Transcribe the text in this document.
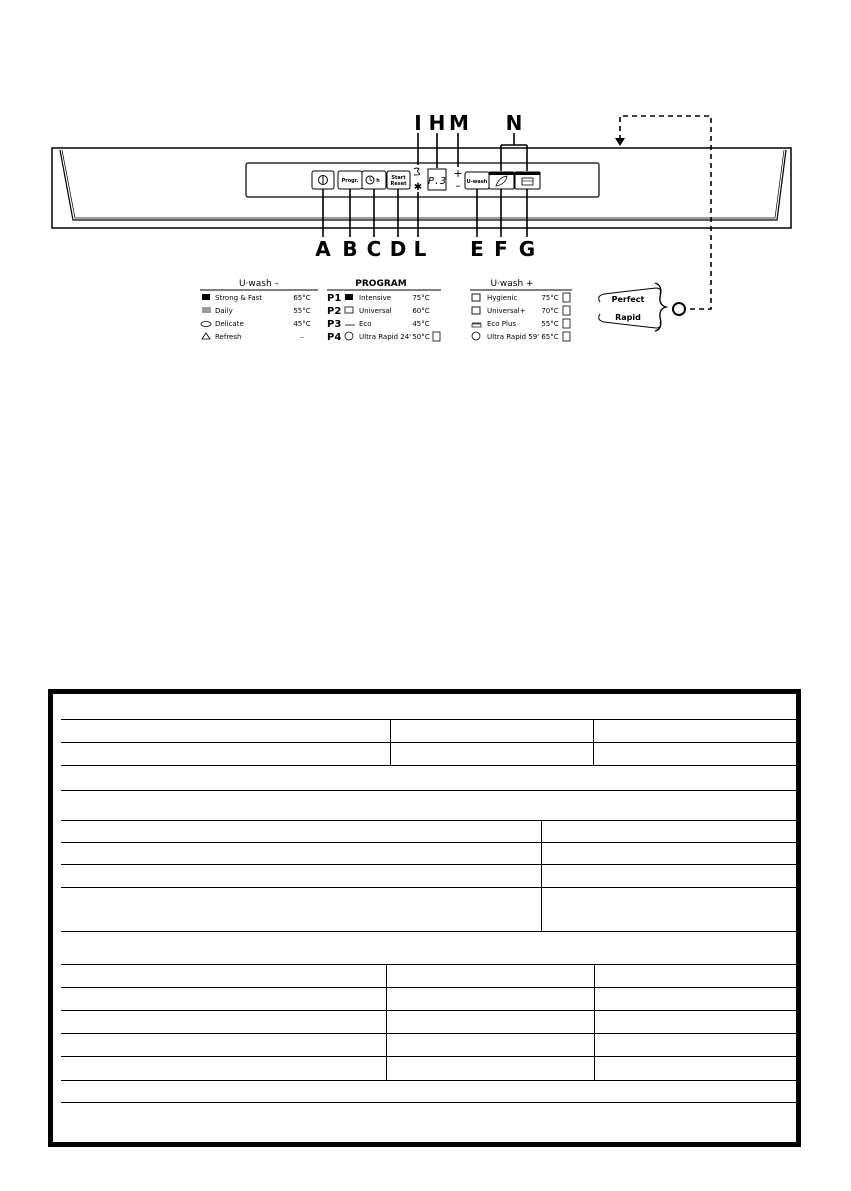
Progr.	h Start
Reset ✱
P.3
+
– U-wash
I H M N
A B C D L E F G
U·wash –
Strong & Fast	65°C
Daily	55°C
Delicate	45°C
Refresh	–
PROGRAM
P1	Intensive	75°C
P2	Universal	60°C
P3	Eco	45°C
P4	Ultra Rapid 24' 50°C
U·wash +
Hygienic	75°C
Universal+ 70°C
Eco Plus	55°C
Ultra Rapid 59' 65°C
Perfect
Rapid
